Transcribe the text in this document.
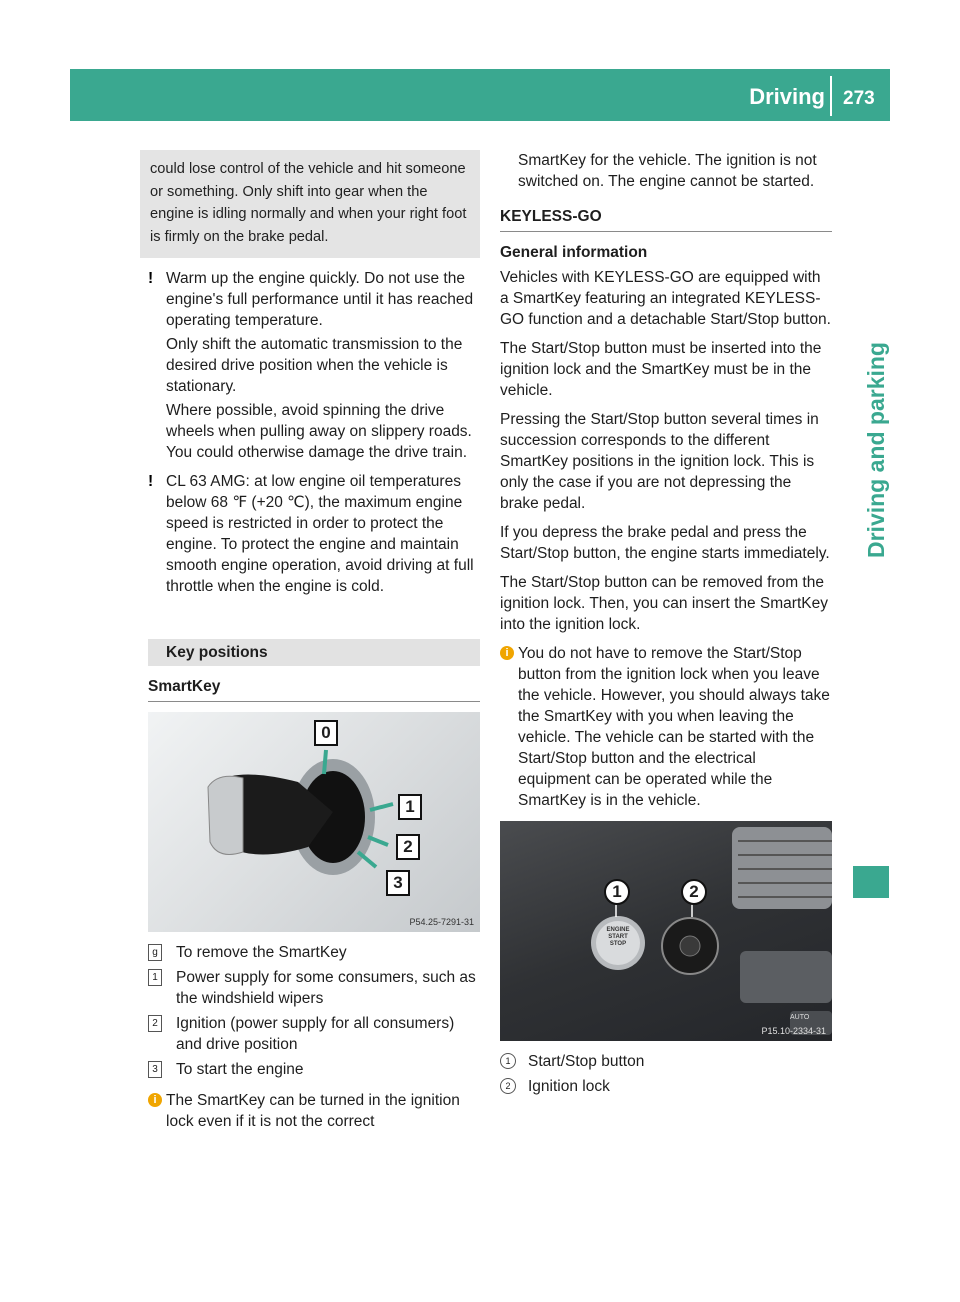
Driving 273
Driving and parking
could lose control of the vehicle and hit someone or something. Only shift into gear when the engine is idling normally and when your right foot is firmly on the brake pedal.
! Warm up the engine quickly. Do not use the engine's full performance until it has reached operating temperature.

Only shift the automatic transmission to the desired drive position when the vehicle is stationary.

Where possible, avoid spinning the drive wheels when pulling away on slippery roads. You could otherwise damage the drive train.

! CL 63 AMG: at low engine oil temperatures below 68 ℉ (+20 ℃), the maximum engine speed is restricted in order to protect the engine. To protect the engine and maintain smooth engine operation, avoid driving at full throttle when the engine is cold.

Key positions
SmartKey
0
1
2
3
P54.25-7291-31
g To remove the SmartKey
1 Power supply for some consumers, such as the windshield wipers
2 Ignition (power supply for all consumers) and drive position
3 To start the engine
i The SmartKey can be turned in the ignition lock even if it is not the correct

SmartKey for the vehicle. The ignition is not switched on. The engine cannot be started.

KEYLESS-GO
General information

Vehicles with KEYLESS-GO are equipped with a SmartKey featuring an integrated KEYLESS-GO function and a detachable Start/Stop button.

The Start/Stop button must be inserted into the ignition lock and the SmartKey must be in the vehicle.

Pressing the Start/Stop button several times in succession corresponds to the different SmartKey positions in the ignition lock. This is only the case if you are not depressing the brake pedal.

If you depress the brake pedal and press the Start/Stop button, the engine starts immediately.

The Start/Stop button can be removed from the ignition lock. Then, you can insert the SmartKey into the ignition lock.

i You do not have to remove the Start/Stop button from the ignition lock when you leave the vehicle. However, you should always take the SmartKey with you when leaving the vehicle. The vehicle can be started with the Start/Stop button and the electrical equipment can be operated while the SmartKey is in the vehicle.

1	2
ENGINE
START
STOP
AUTO
P15.10-2334-31
1	Start/Stop button
2	Ignition lock
